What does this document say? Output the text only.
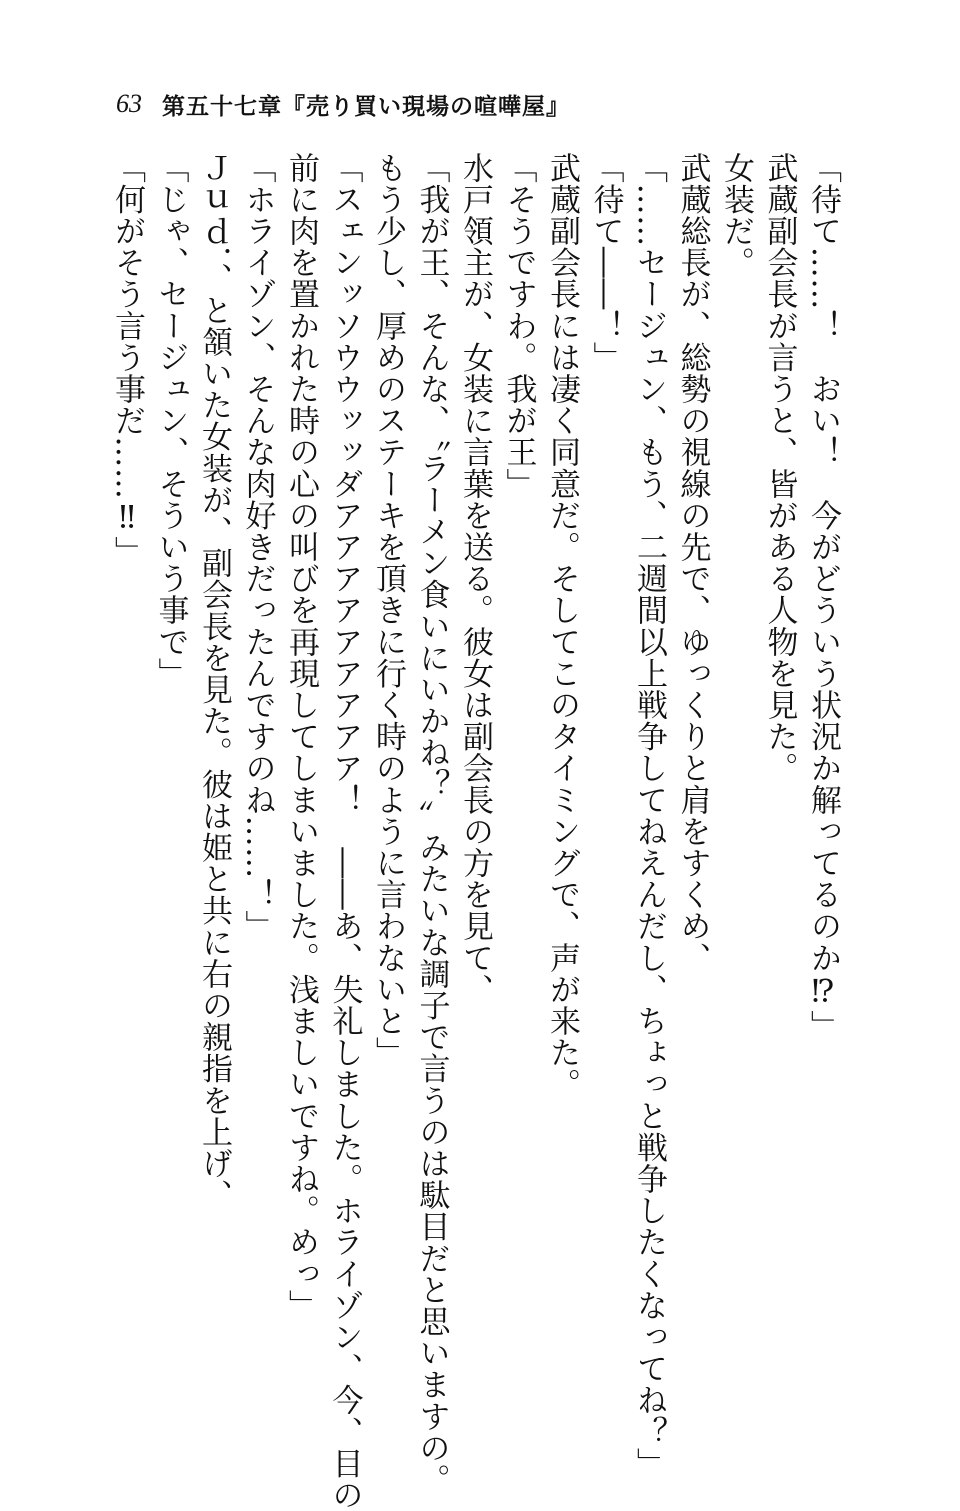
63 第五十七章『売り買い現場の喧嘩屋』
「待て……！　おい！　今がどういう状況か解ってるのか⁉」
武蔵副会長が言うと、皆がある人物を見た。
女装だ。
武蔵総長が、総勢の視線の先で、ゆっくりと肩をすくめ、
「……セージュン、もう、二週間以上戦争してねえんだし、ちょっと戦争したくなってね？」
「待て――！」
武蔵副会長には凄く同意だ。そしてこのタイミングで、声が来た。
「そうですわ。我が王」
水戸領主が、女装に言葉を送る。彼女は副会長の方を見て、
「我が王、そんな、〝ラーメン食いにいかね？〟みたいな調子で言うのは駄目だと思いますの。
もう少し、厚めのステーキを頂きに行く時のように言わないと」
「スェンッソウウッッダアアアアアアアアア！　――あ、失礼しました。ホライゾン、今、目の
前に肉を置かれた時の心の叫びを再現してしまいました。浅ましいですね。めっ」
「ホライゾン、そんな肉好きだったんですのね……！」
Ｊｕｄ．、と頷いた女装が、副会長を見た。彼は姫と共に右の親指を上げ、
「じゃ、セージュン、そういう事で」
「何がそう言う事だ……‼」
